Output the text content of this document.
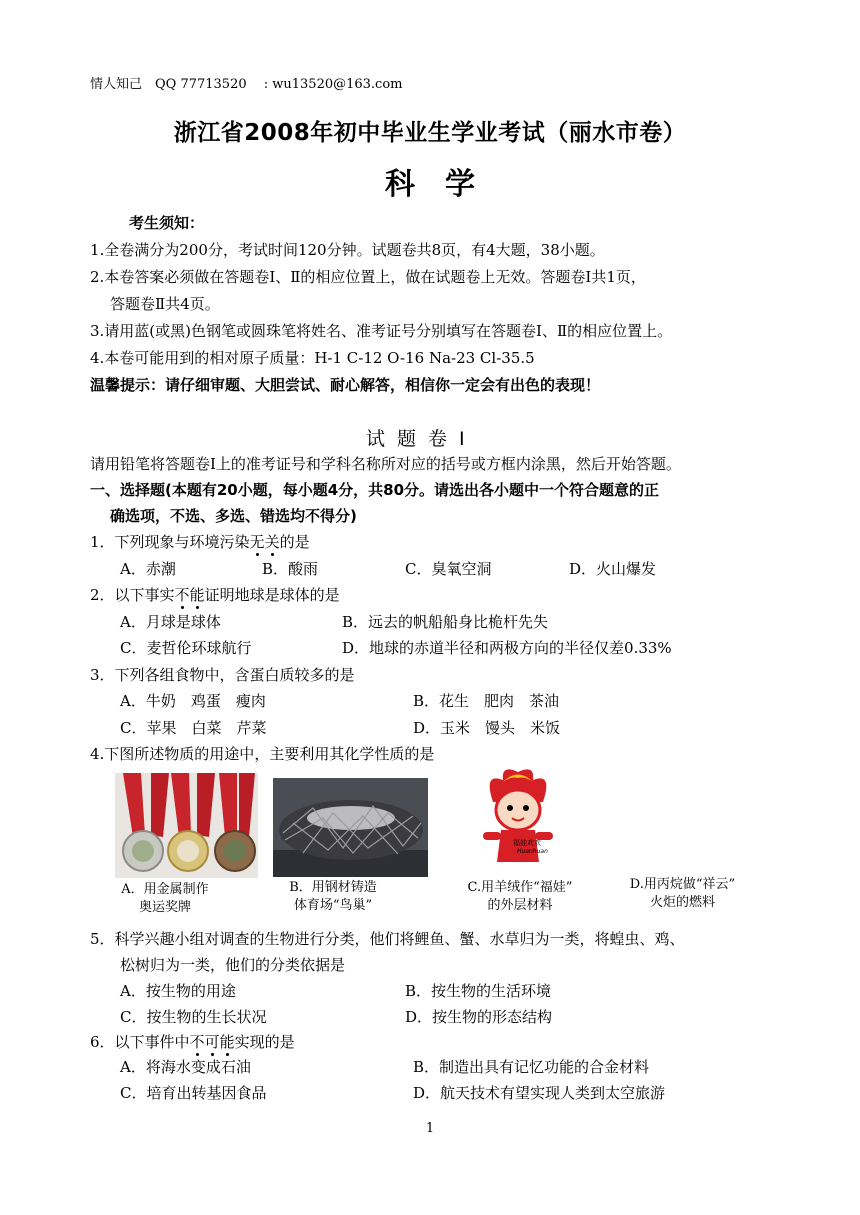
情人知己　QQ 77713520　 : wu13520@163.com
浙江省2008年初中毕业生学业考试（丽水市卷）
科学
考生须知：
1.全卷满分为200分，考试时间120分钟。试题卷共8页，有4大题，38小题。
2.本卷答案必须做在答题卷Ⅰ、Ⅱ的相应位置上，做在试题卷上无效。答题卷Ⅰ共1页，
答题卷Ⅱ共4页。
3.请用蓝(或黑)色钢笔或圆珠笔将姓名、准考证号分别填写在答题卷Ⅰ、Ⅱ的相应位置上。
4.本卷可能用到的相对原子质量：H-1 C-12 O-16 Na-23 Cl-35.5
温馨提示：请仔细审题、大胆尝试、耐心解答，相信你一定会有出色的表现！
试题卷Ⅰ
请用铅笔将答题卷Ⅰ上的准考证号和学科名称所对应的括号或方框内涂黑，然后开始答题。
一、选择题(本题有20小题，每小题4分，共80分。请选出各小题中一个符合题意的正
确选项，不选、多选、错选均不得分)
1．下列现象与环境污染无关的是
A．赤潮	B．酸雨	C．臭氧空洞	D．火山爆发
2．以下事实不能证明地球是球体的是
A．月球是球体	B．远去的帆船船身比桅杆先失
C．麦哲伦环球航行	D．地球的赤道半径和两极方向的半径仅差0.33%
3．下列各组食物中，含蛋白质较多的是
A．牛奶　鸡蛋　瘦肉	B．花生　肥肉　茶油
C．苹果　白菜　芹菜	D．玉米　馒头　米饭
4.下图所述物质的用途中，主要利用其化学性质的是
福娃欢欢
Huanhuan
A．用金属制作
奥运奖牌
B．用钢材铸造
体育场“鸟巢”
C.用羊绒作“福娃”
的外层材料
D.用丙烷做“祥云”
火炬的燃料
5．科学兴趣小组对调查的生物进行分类，他们将鲤鱼、蟹、水草归为一类，将蝗虫、鸡、
松树归为一类，他们的分类依据是
A．按生物的用途	B．按生物的生活环境
C．按生物的生长状况	D．按生物的形态结构
6．以下事件中不可能实现的是
A．将海水变成石油	B．制造出具有记忆功能的合金材料
C．培育出转基因食品	D．航天技术有望实现人类到太空旅游
1
